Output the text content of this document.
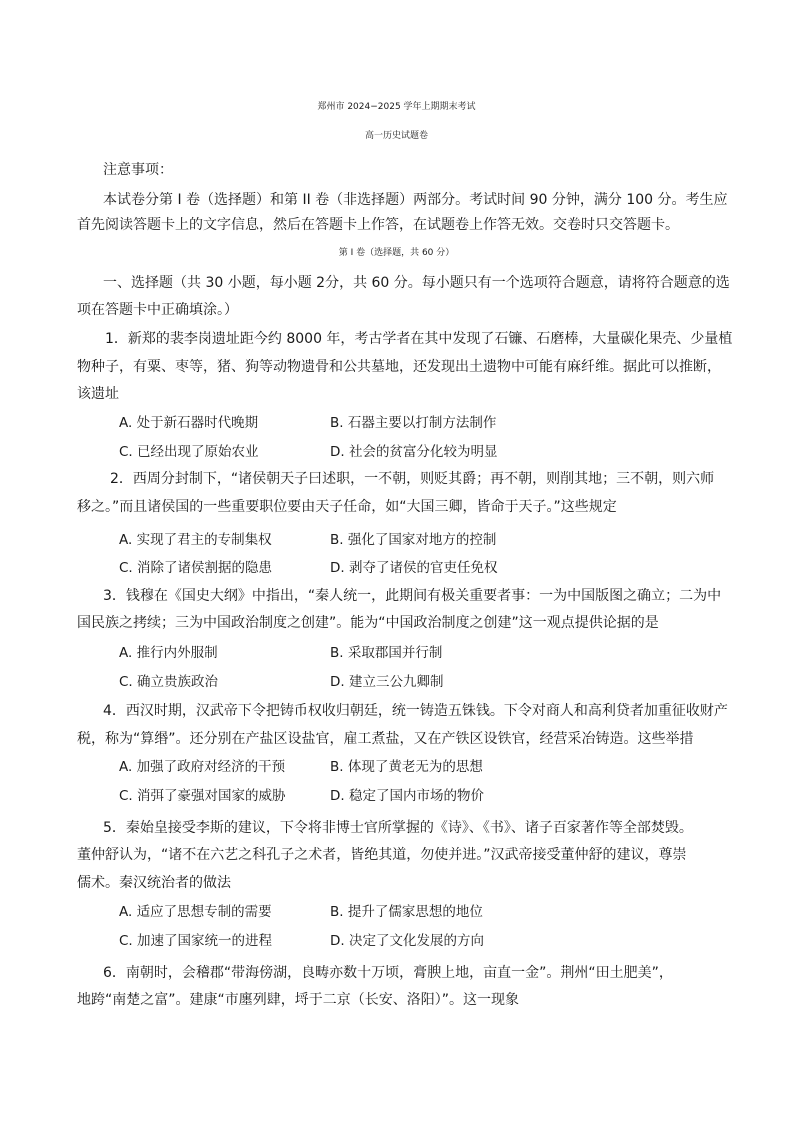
郑州市 2024−2025 学年上期期末考试
高一历史试题卷
注意事项：
本试卷分第 I 卷（选择题）和第 II 卷（非选择题）两部分。考试时间 90 分钟，满分 100 分。考生应
首先阅读答题卡上的文字信息，然后在答题卡上作答，在试题卷上作答无效。交卷时只交答题卡。
第 I 卷（选择题，共 60 分）
一、选择题（共 30 小题，每小题 2分，共 60 分。每小题只有一个选项符合题意，请将符合题意的选
项在答题卡中正确填涂。）
1．新郑的裴李岗遗址距今约 8000 年，考古学者在其中发现了石镰、石磨棒，大量碳化果壳、少量植
物种子，有粟、枣等，猪、狗等动物遗骨和公共墓地，还发现出土遗物中可能有麻纤维。据此可以推断，
该遗址
A. 处于新石器时代晚期	B. 石器主要以打制方法制作
C. 已经出现了原始农业	D. 社会的贫富分化较为明显
2．西周分封制下，“诸侯朝天子曰述职，一不朝，则贬其爵；再不朝，则削其地；三不朝，则六师
移之。”而且诸侯国的一些重要职位要由天子任命，如“大国三卿，皆命于天子。”这些规定
A. 实现了君主的专制集权	B. 强化了国家对地方的控制
C. 消除了诸侯割据的隐患	D. 剥夺了诸侯的官吏任免权
3．钱穆在《国史大纲》中指出，“秦人统一，此期间有极关重要者事：一为中国版图之确立；二为中
国民族之拷续；三为中国政治制度之创建”。能为“中国政治制度之创建”这一观点提供论据的是
A. 推行内外服制	B. 采取郡国并行制
C. 确立贵族政治	D. 建立三公九卿制
4．西汉时期，汉武帝下令把铸币权收归朝廷，统一铸造五铢钱。下令对商人和高利贷者加重征收财产
税，称为“算缗”。还分别在产盐区设盐官，雇工煮盐，又在产铁区设铁官，经营采冶铸造。这些举措
A. 加强了政府对经济的干预	B. 体现了黄老无为的思想
C. 消弭了豪强对国家的威胁	D. 稳定了国内市场的物价
5．秦始皇接受李斯的建议，下令将非博士官所掌握的《诗》、《书》、诸子百家著作等全部焚毁。
董仲舒认为，“诸不在六艺之科孔子之术者，皆绝其道，勿使并进。”汉武帝接受董仲舒的建议，尊崇
儒术。秦汉统治者的做法
A. 适应了思想专制的需要	B. 提升了儒家思想的地位
C. 加速了国家统一的进程	D. 决定了文化发展的方向
6．南朝时，会稽郡“带海傍湖，良畴亦数十万顷，膏腴上地，亩直一金”。荆州“田土肥美”，
地跨“南楚之富”。建康“市廛列肆，埒于二京（长安、洛阳）”。这一现象
